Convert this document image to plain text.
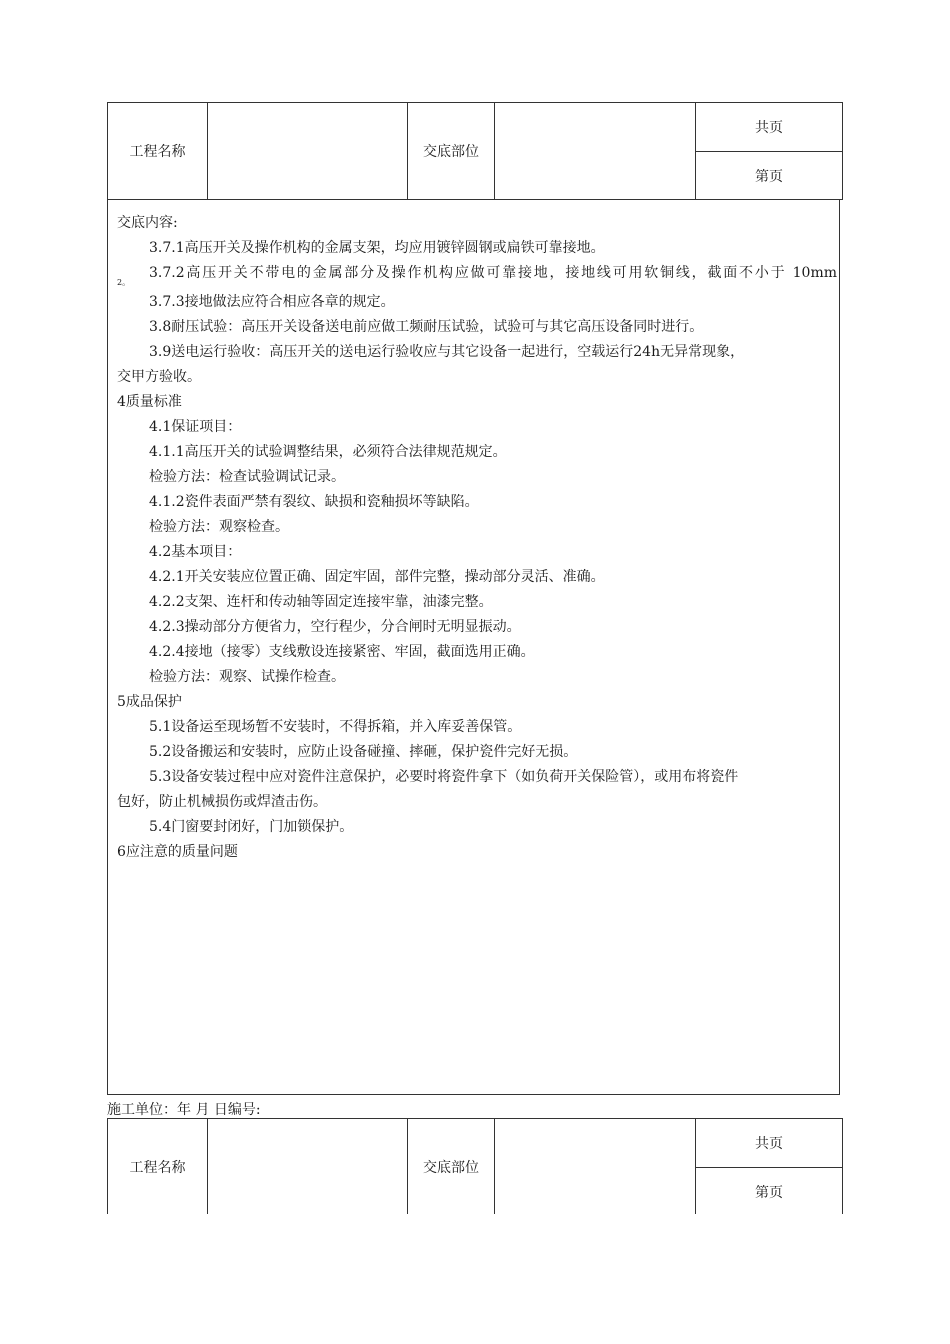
工程名称		交底部位		共页
第页
交底内容:
3.7.1高压开关及操作机构的金属支架，均应用镀锌圆钢或扁铁可靠接地。
3.7.2高压开关不带电的金属部分及操作机构应做可靠接地，接地线可用软铜线，截面不小于 10mm
2。
3.7.3接地做法应符合相应各章的规定。
3.8耐压试验：高压开关设备送电前应做工频耐压试验，试验可与其它高压设备同时进行。
3.9送电运行验收：高压开关的送电运行验收应与其它设备一起进行，空载运行24h无异常现象，
交甲方验收。
4质量标准
4.1保证项目：
4.1.1高压开关的试验调整结果，必须符合法律规范规定。
检验方法：检查试验调试记录。
4.1.2瓷件表面严禁有裂纹、缺损和瓷釉损坏等缺陷。
检验方法：观察检查。
4.2基本项目：
4.2.1开关安装应位置正确、固定牢固，部件完整，操动部分灵活、准确。
4.2.2支架、连杆和传动轴等固定连接牢靠，油漆完整。
4.2.3操动部分方便省力，空行程少，分合闸时无明显振动。
4.2.4接地（接零）支线敷设连接紧密、牢固，截面选用正确。
检验方法：观察、试操作检查。
5成品保护
5.1设备运至现场暂不安装时，不得拆箱，并入库妥善保管。
5.2设备搬运和安装时，应防止设备碰撞、摔砸，保护瓷件完好无损。
5.3设备安装过程中应对瓷件注意保护，必要时将瓷件拿下（如负荷开关保险管），或用布将瓷件
包好，防止机械损伤或焊渣击伤。
5.4门窗要封闭好，门加锁保护。
6应注意的质量问题
施工单位：年 月 日编号:
工程名称		交底部位		共页
第页
